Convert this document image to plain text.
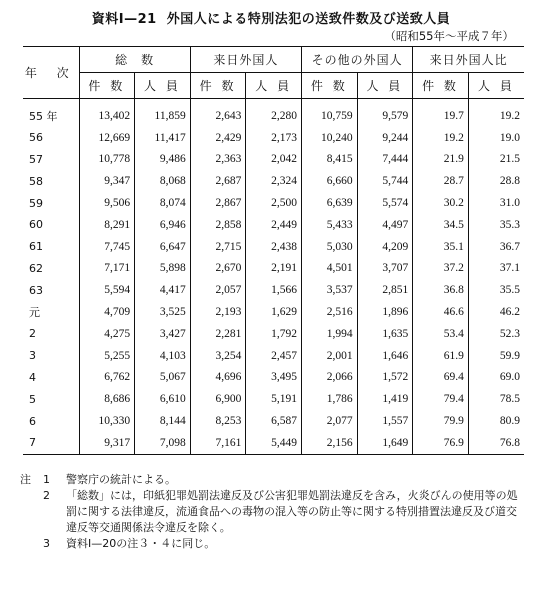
資料Ⅰ—21 外国人による特別法犯の送致件数及び送致人員
（昭和55年～平成７年）
年 次	総　数		来日外国人		その他の外国人		来日外国人比	
	件 数	人 員	件 数	人 員	件 数	人 員	件 数	人 員
55 年	13,402	11,859	2,643	2,280	10,759	9,579	19.7	19.2
56	12,669	11,417	2,429	2,173	10,240	9,244	19.2	19.0
57	10,778	9,486	2,363	2,042	8,415	7,444	21.9	21.5
58	9,347	8,068	2,687	2,324	6,660	5,744	28.7	28.8
59	9,506	8,074	2,867	2,500	6,639	5,574	30.2	31.0
60	8,291	6,946	2,858	2,449	5,433	4,497	34.5	35.3
61	7,745	6,647	2,715	2,438	5,030	4,209	35.1	36.7
62	7,171	5,898	2,670	2,191	4,501	3,707	37.2	37.1
63	5,594	4,417	2,057	1,566	3,537	2,851	36.8	35.5
元	4,709	3,525	2,193	1,629	2,516	1,896	46.6	46.2
2	4,275	3,427	2,281	1,792	1,994	1,635	53.4	52.3
3	5,255	4,103	3,254	2,457	2,001	1,646	61.9	59.9
4	6,762	5,067	4,696	3,495	2,066	1,572	69.4	69.0
5	8,686	6,610	6,900	5,191	1,786	1,419	79.4	78.5
6	10,330	8,144	8,253	6,587	2,077	1,557	79.9	80.9
7	9,317	7,098	7,161	5,449	2,156	1,649	76.9	76.8
注	1	警察庁の統計による。
2	「総数」には，印紙犯罪処罰法違反及び公害犯罪処罰法違反を含み，火炎びんの使用等の処罰に関する法律違反，流通食品への毒物の混入等の防止等に関する特別措置法違反及び道交違反等交通関係法令違反を除く。
3	資料Ⅰ—20の注３・４に同じ。
